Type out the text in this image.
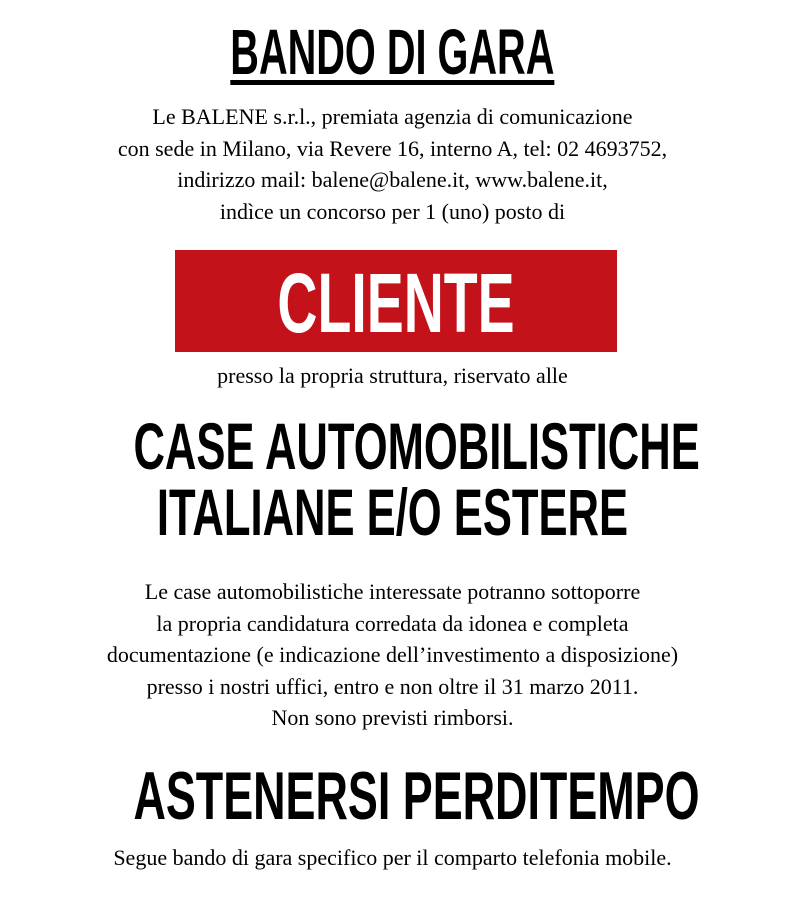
BANDO DI GARA
Le BALENE s.r.l., premiata agenzia di comunicazione
con sede in Milano, via Revere 16, interno A, tel: 02 4693752,
indirizzo mail: balene@balene.it, www.balene.it,
indìce un concorso per 1 (uno) posto di
CLIENTE
presso la propria struttura, riservato alle
CASE AUTOMOBILISTICHE
ITALIANE E/O ESTERE
Le case automobilistiche interessate potranno sottoporre
la propria candidatura corredata da idonea e completa
documentazione (e indicazione dell’investimento a disposizione)
presso i nostri uffici, entro e non oltre il 31 marzo 2011.
Non sono previsti rimborsi.
ASTENERSI PERDITEMPO
Segue bando di gara specifico per il comparto telefonia mobile.
